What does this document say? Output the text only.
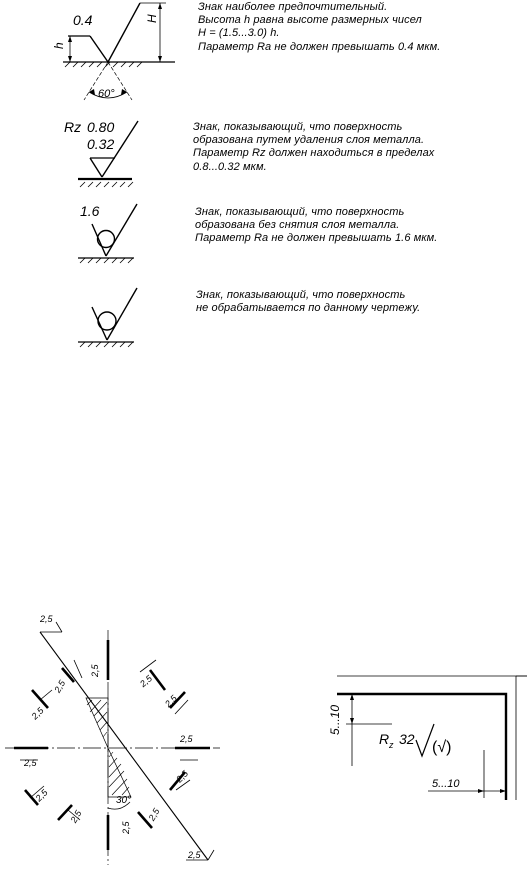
0.4
h
H
60°
Rz 0.80
0.32
1.6
2,5
2,5
2,5
2,5	2,5
2,5
2,5
2,5
2,5
2,5
2,5
2,5
2,5
2,5
30°
5...10
R z 32 (√)
5...10
Знак наиболее предпочтительный.
Высота h равна высоте размерных чисел
H = (1.5...3.0) h.
Параметр Ra не должен превышать 0.4 мкм.
Знак, показывающий, что поверхность
образована путем удаления слоя металла.
Параметр Rz должен находиться в пределах
0.8...0.32 мкм.
Знак, показывающий, что поверхность
образована без снятия слоя металла.
Параметр Ra не должен превышать 1.6 мкм.
Знак, показывающий, что поверхность
не обрабатывается по данному чертежу.
